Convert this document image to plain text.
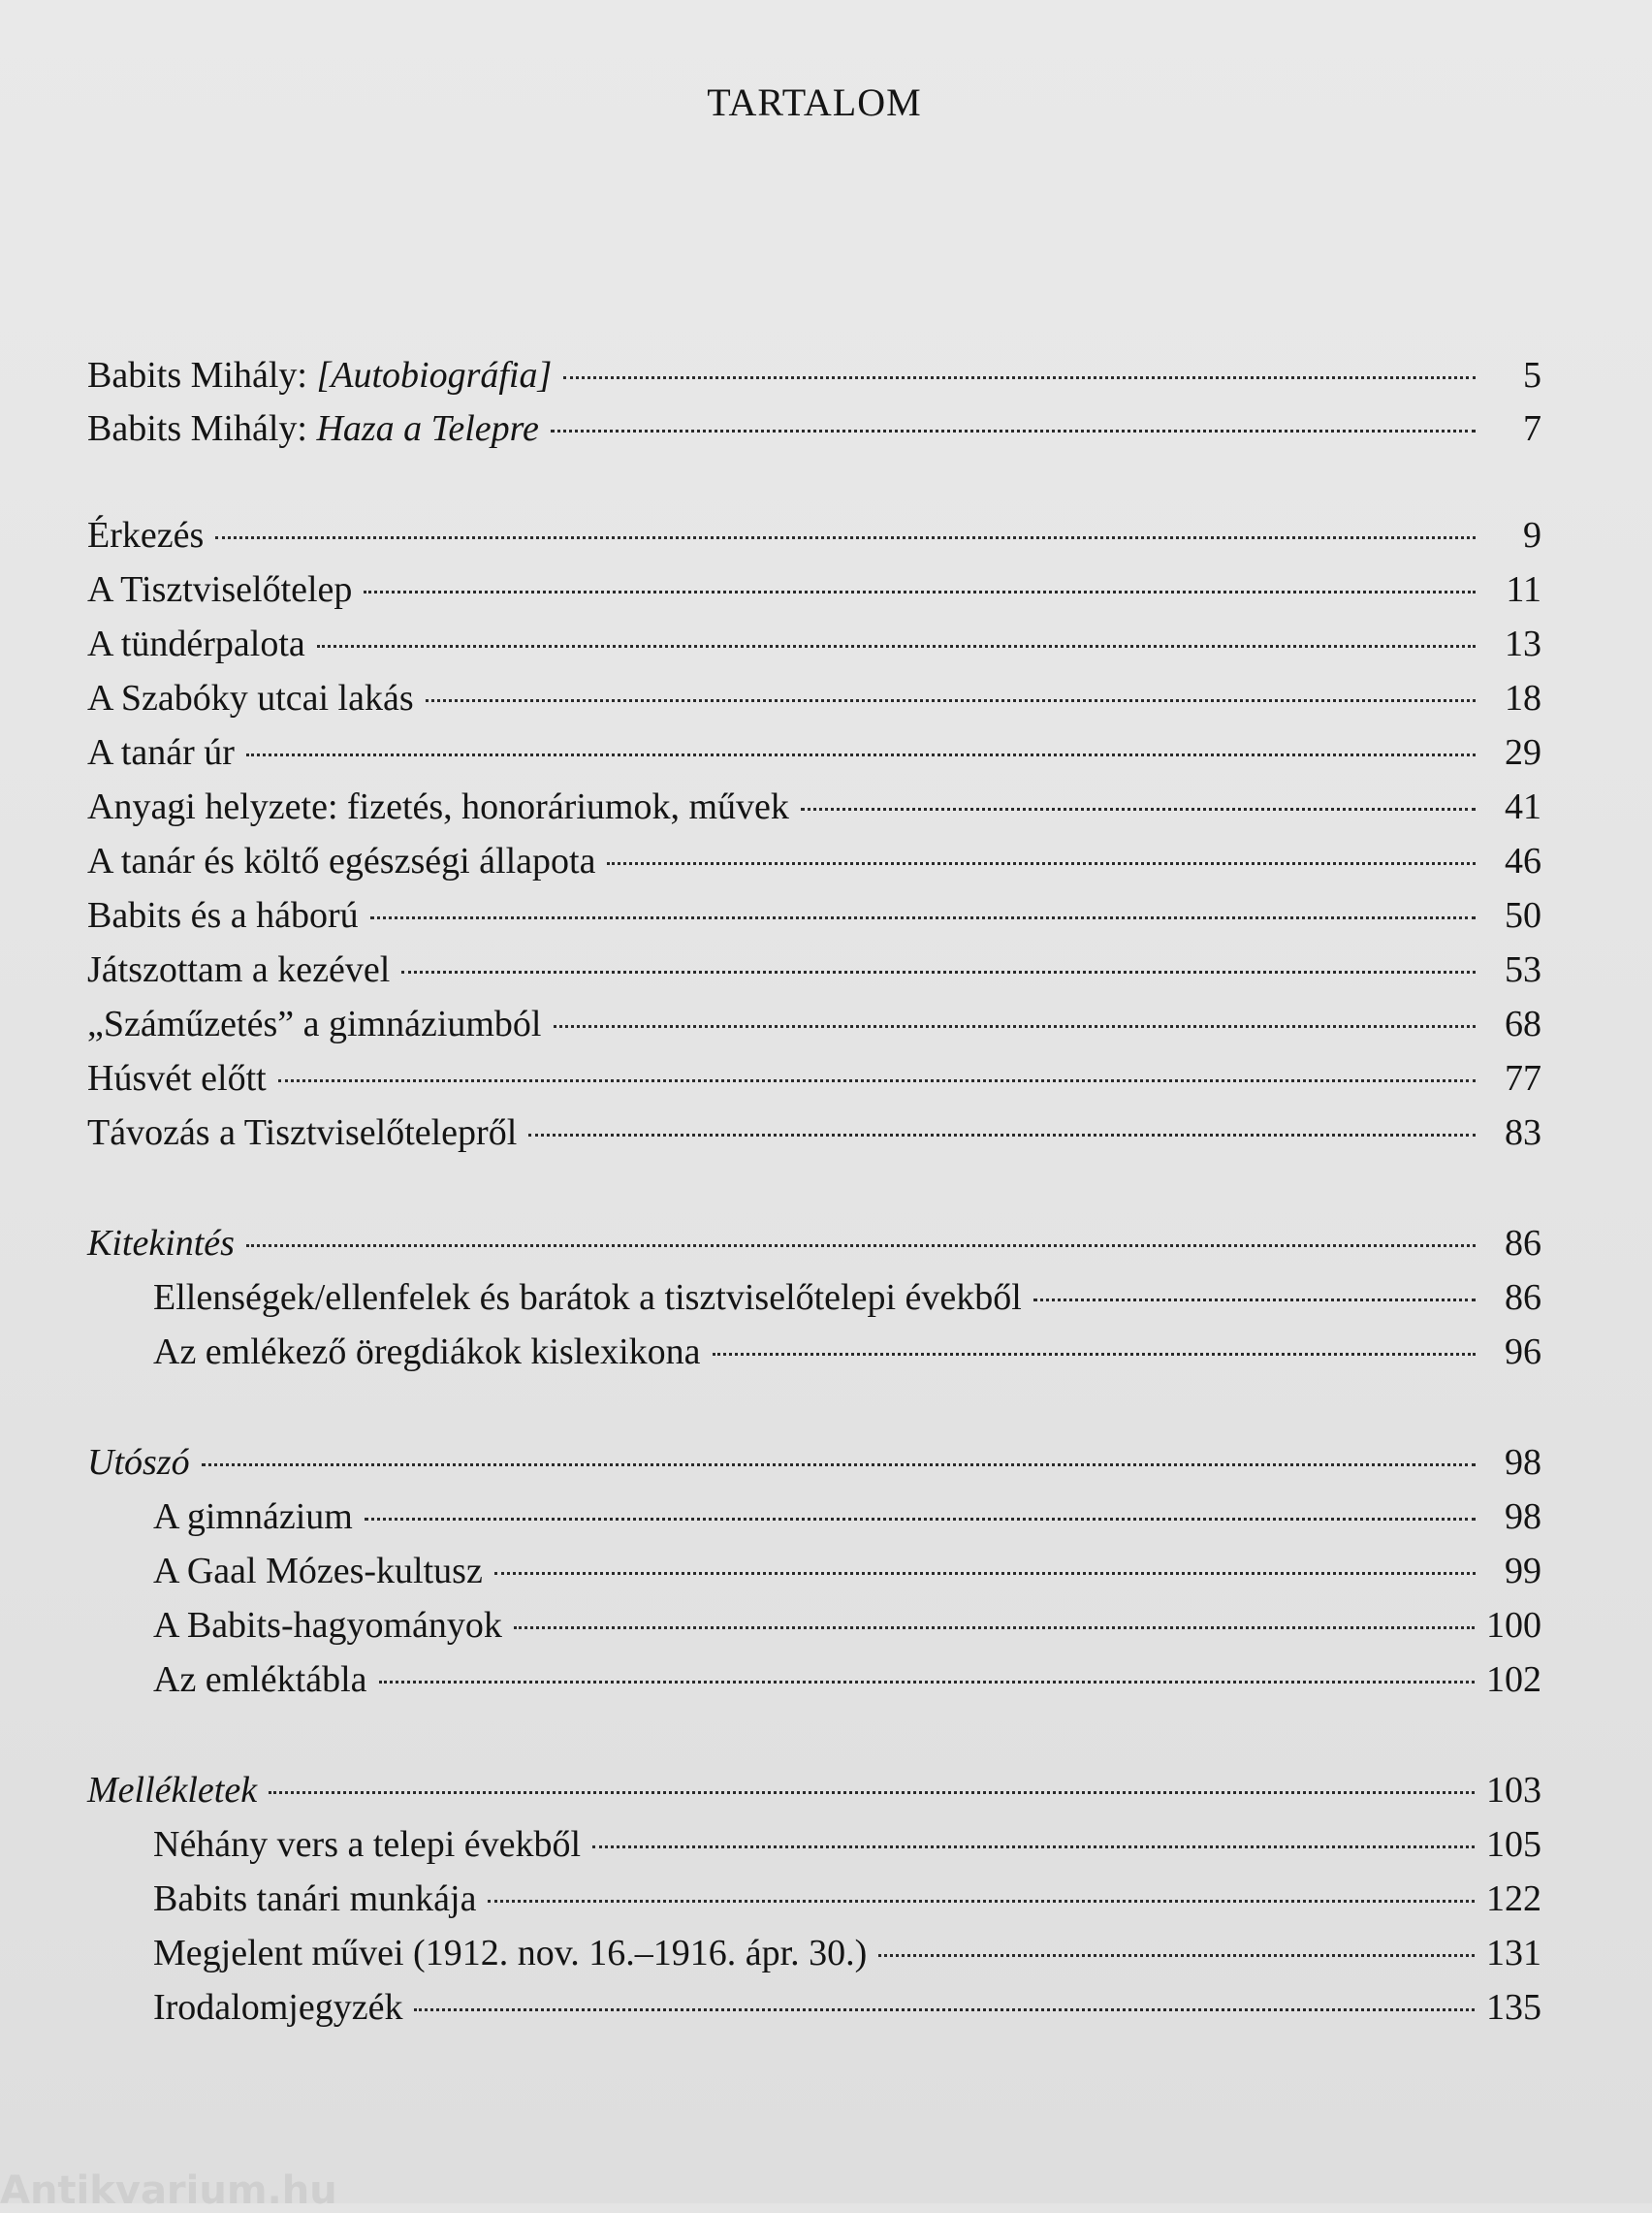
TARTALOM
Babits Mihály: [Autobiográfia]	5
Babits Mihály: Haza a Telepre	7
Érkezés	9
A Tisztviselőtelep	11
A tündérpalota	13
A Szabóky utcai lakás	18
A tanár úr	29
Anyagi helyzete: fizetés, honoráriumok, művek	41
A tanár és költő egészségi állapota	46
Babits és a háború	50
Játszottam a kezével	53
„Száműzetés” a gimnáziumból	68
Húsvét előtt	77
Távozás a Tisztviselőtelepről	83
Kitekintés	86
Ellenségek/ellenfelek és barátok a tisztviselőtelepi évekből	86
Az emlékező öregdiákok kislexikona	96
Utószó	98
A gimnázium	98
A Gaal Mózes-kultusz	99
A Babits-hagyományok	100
Az emléktábla	102
Mellékletek	103
Néhány vers a telepi évekből	105
Babits tanári munkája	122
Megjelent művei (1912. nov. 16.–1916. ápr. 30.)	131
Irodalomjegyzék	135
Antikvarium.hu
